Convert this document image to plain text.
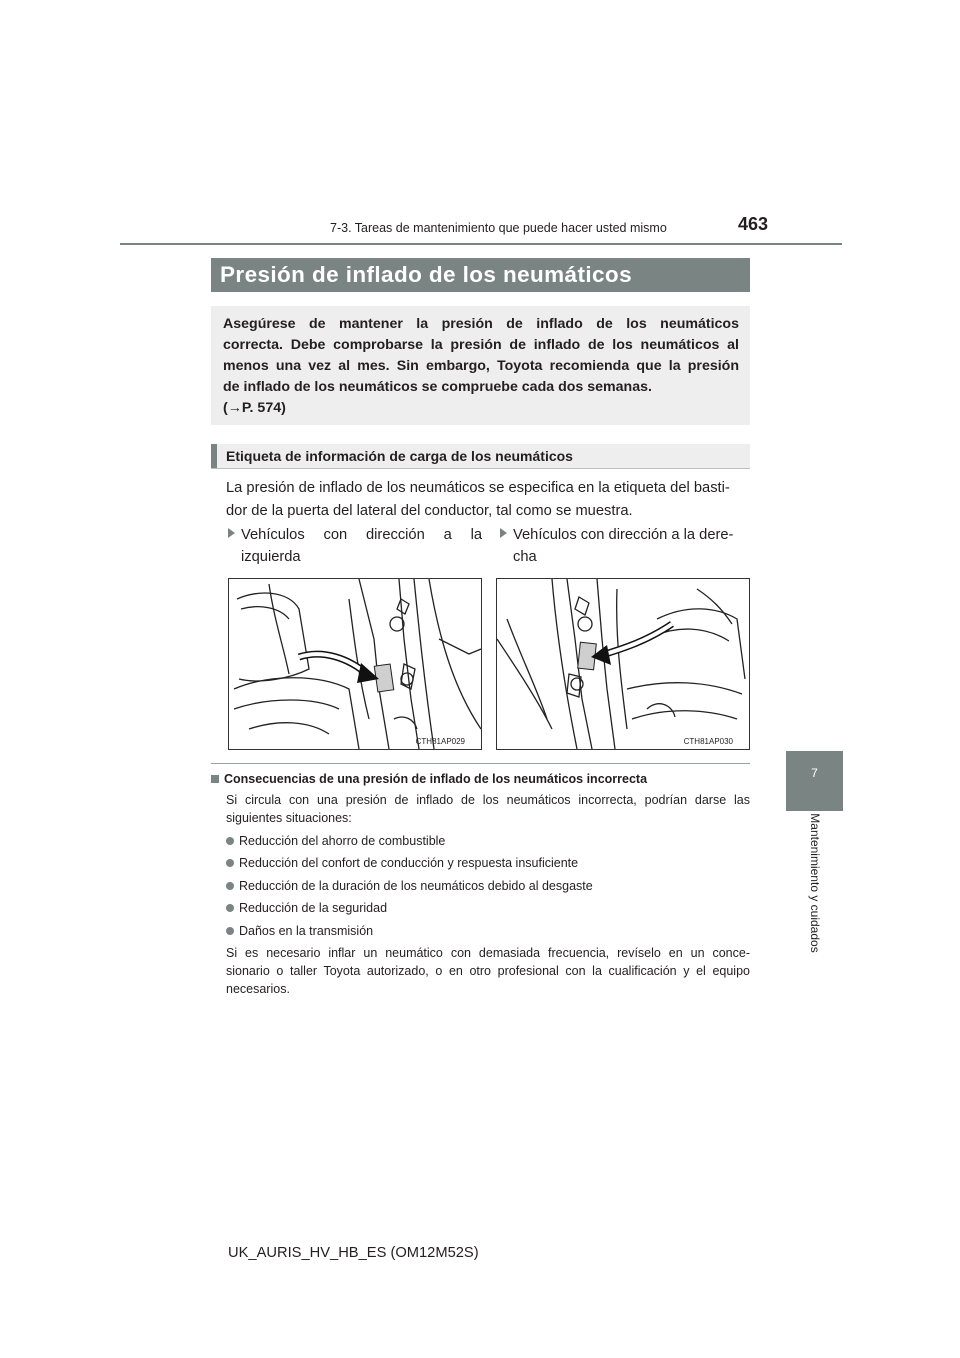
7-3. Tareas de mantenimiento que puede hacer usted mismo	463
7
Mantenimiento y cuidados
Presión de inflado de los neumáticos
Asegúrese de mantener la presión de inflado de los neumáticos
correcta. Debe comprobarse la presión de inflado de los neumáticos al
menos una vez al mes. Sin embargo, Toyota recomienda que la presión
de inflado de los neumáticos se compruebe cada dos semanas.
(→P. 574)
Etiqueta de información de carga de los neumáticos
La presión de inflado de los neumáticos se especifica en la etiqueta del basti-
dor de la puerta del lateral del conductor, tal como se muestra.
Vehículos con dirección a la
izquierda
Vehículos con dirección a la dere-
cha
CTH81AP029	CTH81AP030
Consecuencias de una presión de inflado de los neumáticos incorrecta
Si circula con una presión de inflado de los neumáticos incorrecta, podrían darse las
siguientes situaciones:
Reducción del ahorro de combustible
Reducción del confort de conducción y respuesta insuficiente
Reducción de la duración de los neumáticos debido al desgaste
Reducción de la seguridad
Daños en la transmisión
Si es necesario inflar un neumático con demasiada frecuencia, revíselo en un conce-
sionario o taller Toyota autorizado, o en otro profesional con la cualificación y el equipo
necesarios.
UK_AURIS_HV_HB_ES (OM12M52S)
